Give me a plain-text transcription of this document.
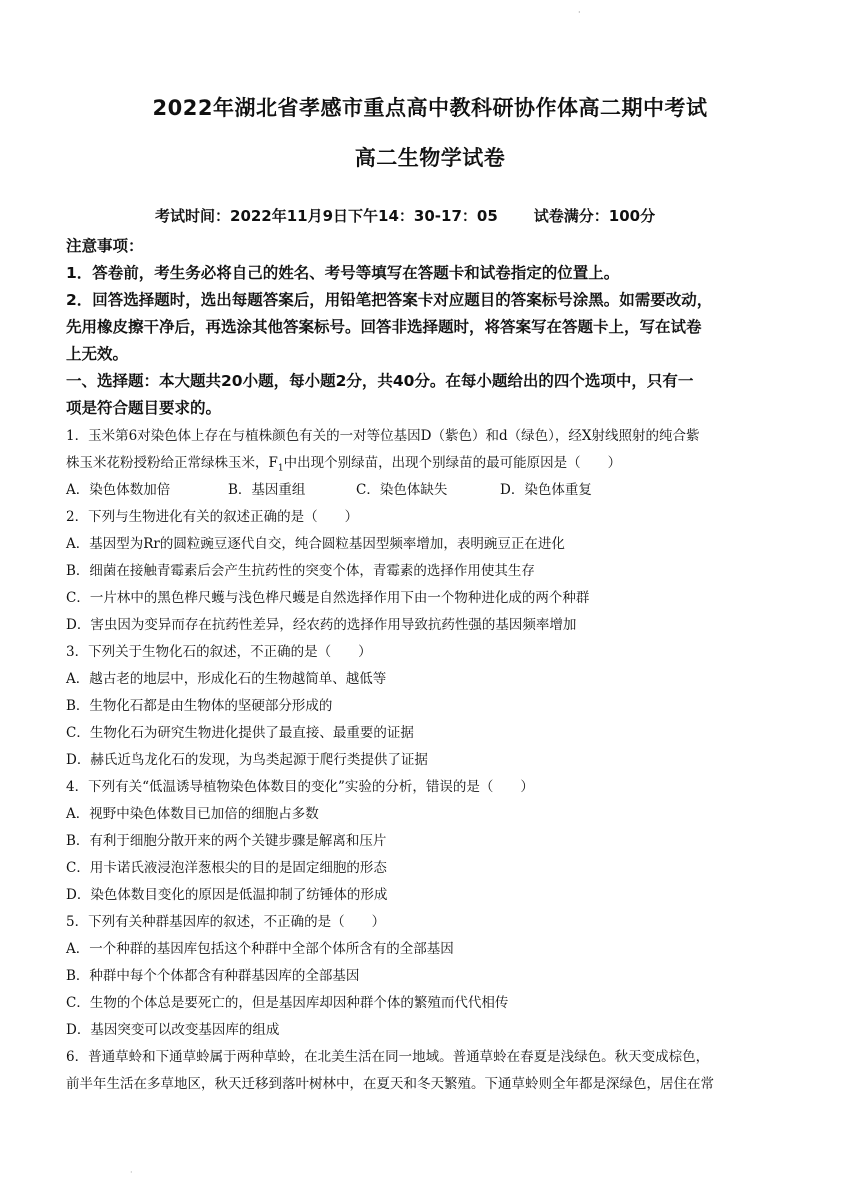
·
2022年湖北省孝感市重点高中教科研协作体高二期中考试
高二生物学试卷
考试时间：2022年11月9日下午14：30-17：05 试卷满分：100分
注意事项：
1．答卷前，考生务必将自己的姓名、考号等填写在答题卡和试卷指定的位置上。
2．回答选择题时，选出每题答案后，用铅笔把答案卡对应题目的答案标号涂黑。如需要改动，
先用橡皮擦干净后，再选涂其他答案标号。回答非选择题时，将答案写在答题卡上，写在试卷
上无效。
一、选择题：本大题共20小题，每小题2分，共40分。在每小题给出的四个选项中，只有一
项是符合题目要求的。
1．玉米第6对染色体上存在与植株颜色有关的一对等位基因D（紫色）和d（绿色），经X射线照射的纯合紫
株玉米花粉授粉给正常绿株玉米，$F_1$中出现个别绿苗，出现个别绿苗的最可能原因是（　　）
A．染色体数加倍	B．基因重组	C．染色体缺失	D．染色体重复
2．下列与生物进化有关的叙述正确的是（　　）
A．基因型为Rr的圆粒豌豆逐代自交，纯合圆粒基因型频率增加，表明豌豆正在进化
B．细菌在接触青霉素后会产生抗药性的突变个体，青霉素的选择作用使其生存
C．一片林中的黑色桦尺蠖与浅色桦尺蠖是自然选择作用下由一个物种进化成的两个种群
D．害虫因为变异而存在抗药性差异，经农药的选择作用导致抗药性强的基因频率增加
3．下列关于生物化石的叙述，不正确的是（　　）
A．越古老的地层中，形成化石的生物越简单、越低等
B．生物化石都是由生物体的坚硬部分形成的
C．生物化石为研究生物进化提供了最直接、最重要的证据
D．赫氏近鸟龙化石的发现，为鸟类起源于爬行类提供了证据
4．下列有关“低温诱导植物染色体数目的变化”实验的分析，错误的是（　　）
A．视野中染色体数目已加倍的细胞占多数
B．有利于细胞分散开来的两个关键步骤是解离和压片
C．用卡诺氏液浸泡洋葱根尖的目的是固定细胞的形态
D．染色体数目变化的原因是低温抑制了纺锤体的形成
5．下列有关种群基因库的叙述，不正确的是（　　）
A．一个种群的基因库包括这个种群中全部个体所含有的全部基因
B．种群中每个个体都含有种群基因库的全部基因
C．生物的个体总是要死亡的，但是基因库却因种群个体的繁殖而代代相传
D．基因突变可以改变基因库的组成
6．普通草蛉和下通草蛉属于两种草蛉，在北美生活在同一地域。普通草蛉在春夏是浅绿色。秋天变成棕色，
前半年生活在多草地区，秋天迁移到落叶树林中，在夏天和冬天繁殖。下通草蛉则全年都是深绿色，居住在常
·
